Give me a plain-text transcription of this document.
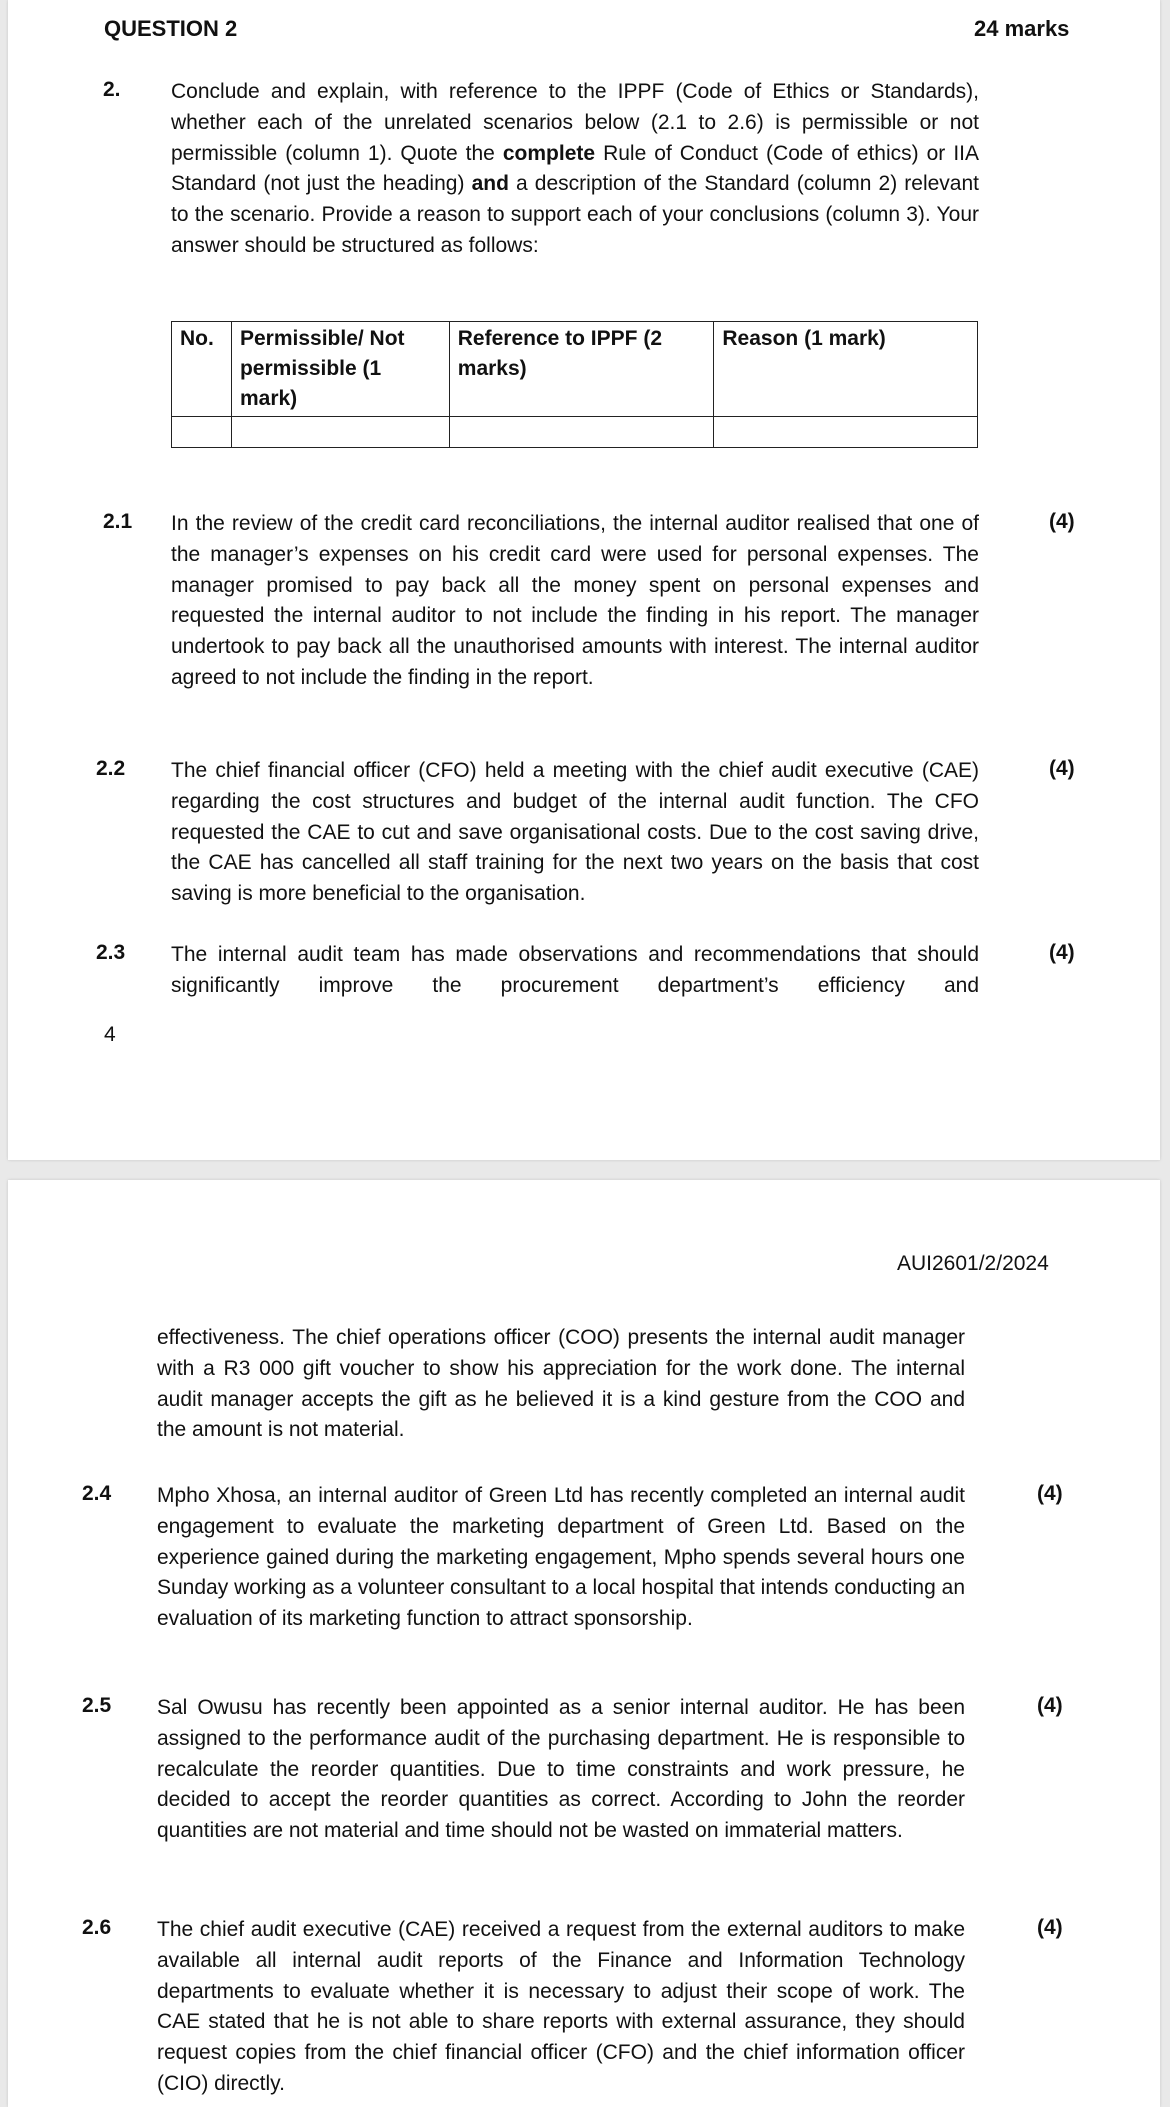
QUESTION 2	24 marks
2. Conclude and explain, with reference to the IPPF (Code of Ethics or Standards), whether each of the unrelated scenarios below (2.1 to 2.6) is permissible or not permissible (column 1). Quote the complete Rule of Conduct (Code of ethics) or IIA Standard (not just the heading) and a description of the Standard (column 2) relevant to the scenario. Provide a reason to support each of your conclusions (column 3). Your answer should be structured as follows:
No.	Permissible/ Not permissible (1 mark)	Reference to IPPF (2 marks)	Reason (1 mark)

2.1 In the review of the credit card reconciliations, the internal auditor realised that one of the manager’s expenses on his credit card were used for personal expenses. The manager promised to pay back all the money spent on personal expenses and requested the internal auditor to not include the finding in his report. The manager undertook to pay back all the unauthorised amounts with interest. The internal auditor agreed to not include the finding in the report.
(4)
2.2 The chief financial officer (CFO) held a meeting with the chief audit executive (CAE) regarding the cost structures and budget of the internal audit function. The CFO requested the CAE to cut and save organisational costs. Due to the cost saving drive, the CAE has cancelled all staff training for the next two years on the basis that cost saving is more beneficial to the organisation.
(4)
2.3 The internal audit team has made observations and recommendations that should significantly improve the procurement department’s efficiency and
(4)
4
AUI2601/2/2024
effectiveness. The chief operations officer (COO) presents the internal audit manager with a R3 000 gift voucher to show his appreciation for the work done. The internal audit manager accepts the gift as he believed it is a kind gesture from the COO and the amount is not material.
2.4 Mpho Xhosa, an internal auditor of Green Ltd has recently completed an internal audit engagement to evaluate the marketing department of Green Ltd. Based on the experience gained during the marketing engagement, Mpho spends several hours one Sunday working as a volunteer consultant to a local hospital that intends conducting an evaluation of its marketing function to attract sponsorship.
(4)
2.5 Sal Owusu has recently been appointed as a senior internal auditor. He has been assigned to the performance audit of the purchasing department. He is responsible to recalculate the reorder quantities. Due to time constraints and work pressure, he decided to accept the reorder quantities as correct. According to John the reorder quantities are not material and time should not be wasted on immaterial matters.
(4)
2.6 The chief audit executive (CAE) received a request from the external auditors to make available all internal audit reports of the Finance and Information Technology departments to evaluate whether it is necessary to adjust their scope of work. The CAE stated that he is not able to share reports with external assurance, they should request copies from the chief financial officer (CFO) and the chief information officer (CIO) directly.
(4)
